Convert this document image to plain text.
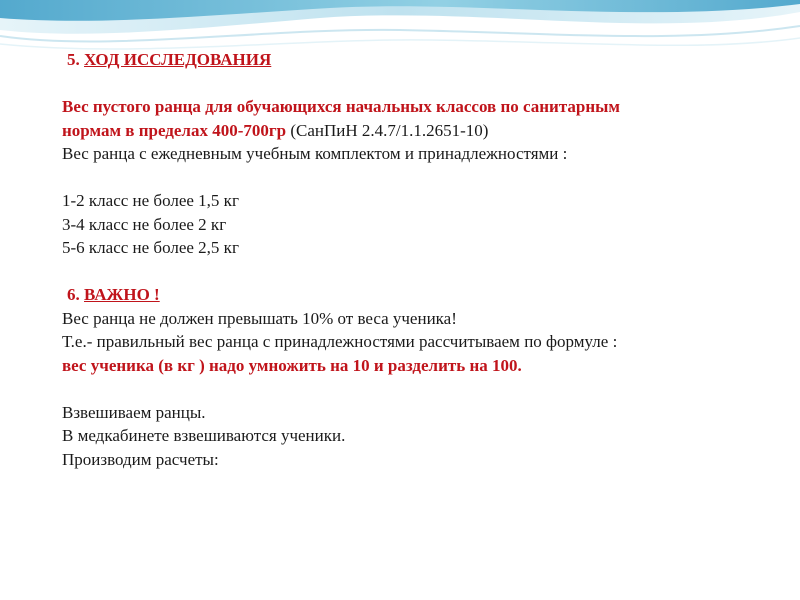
5. ХОД ИССЛЕДОВАНИЯ
Вес пустого ранца для обучающихся начальных классов по санитарным
нормам в пределах 400-700гр (СанПиН 2.4.7/1.1.2651-10)
Вес ранца с ежедневным учебным комплектом и принадлежностями :
1-2 класс не более 1,5 кг
3-4 класс не более 2 кг
5-6 класс не более 2,5 кг
6. ВАЖНО !
Вес ранца не должен превышать 10% от веса ученика!
Т.е.- правильный вес ранца с принадлежностями рассчитываем по формуле :
вес ученика (в кг ) надо умножить на 10 и разделить на 100.
Взвешиваем ранцы.
В медкабинете взвешиваются ученики.
Производим расчеты:
